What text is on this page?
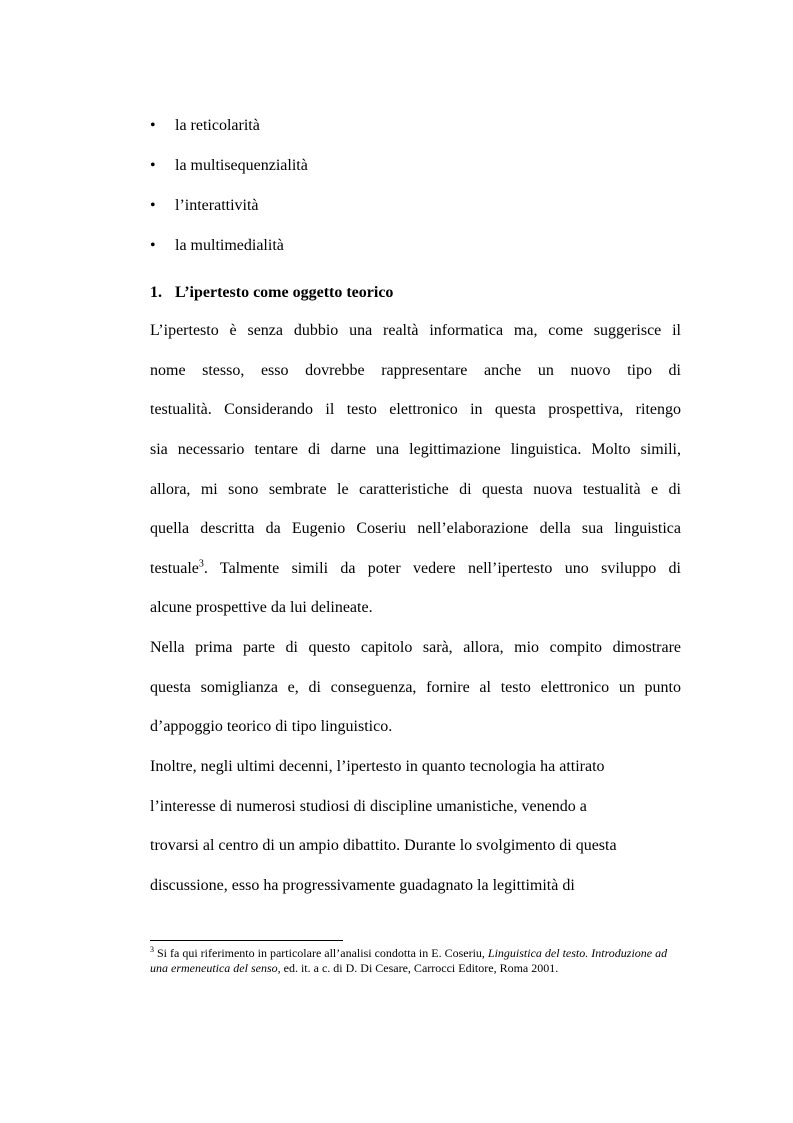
• la reticolarità
• la multisequenzialità
• l’interattività
• la multimedialità
1. L’ipertesto come oggetto teorico

L’ipertesto è senza dubbio una realtà informatica ma, come suggerisce il

nome stesso, esso dovrebbe rappresentare anche un nuovo tipo di

testualità. Considerando il testo elettronico in questa prospettiva, ritengo

sia necessario tentare di darne una legittimazione linguistica. Molto simili,

allora, mi sono sembrate le caratteristiche di questa nuova testualità e di

quella descritta da Eugenio Coseriu nell’elaborazione della sua linguistica

testuale$^3$. Talmente simili da poter vedere nell’ipertesto uno sviluppo di

alcune prospettive da lui delineate.

Nella prima parte di questo capitolo sarà, allora, mio compito dimostrare

questa somiglianza e, di conseguenza, fornire al testo elettronico un punto

d’appoggio teorico di tipo linguistico.

Inoltre, negli ultimi decenni, l’ipertesto in quanto tecnologia ha attirato

l’interesse di numerosi studiosi di discipline umanistiche, venendo a

trovarsi al centro di un ampio dibattito. Durante lo svolgimento di questa

discussione, esso ha progressivamente guadagnato la legittimità di

$^3$ Si fa qui riferimento in particolare all’analisi condotta in E. Coseriu, Linguistica del testo. Introduzione ad una ermeneutica del senso, ed. it. a c. di D. Di Cesare, Carrocci Editore, Roma 2001.
